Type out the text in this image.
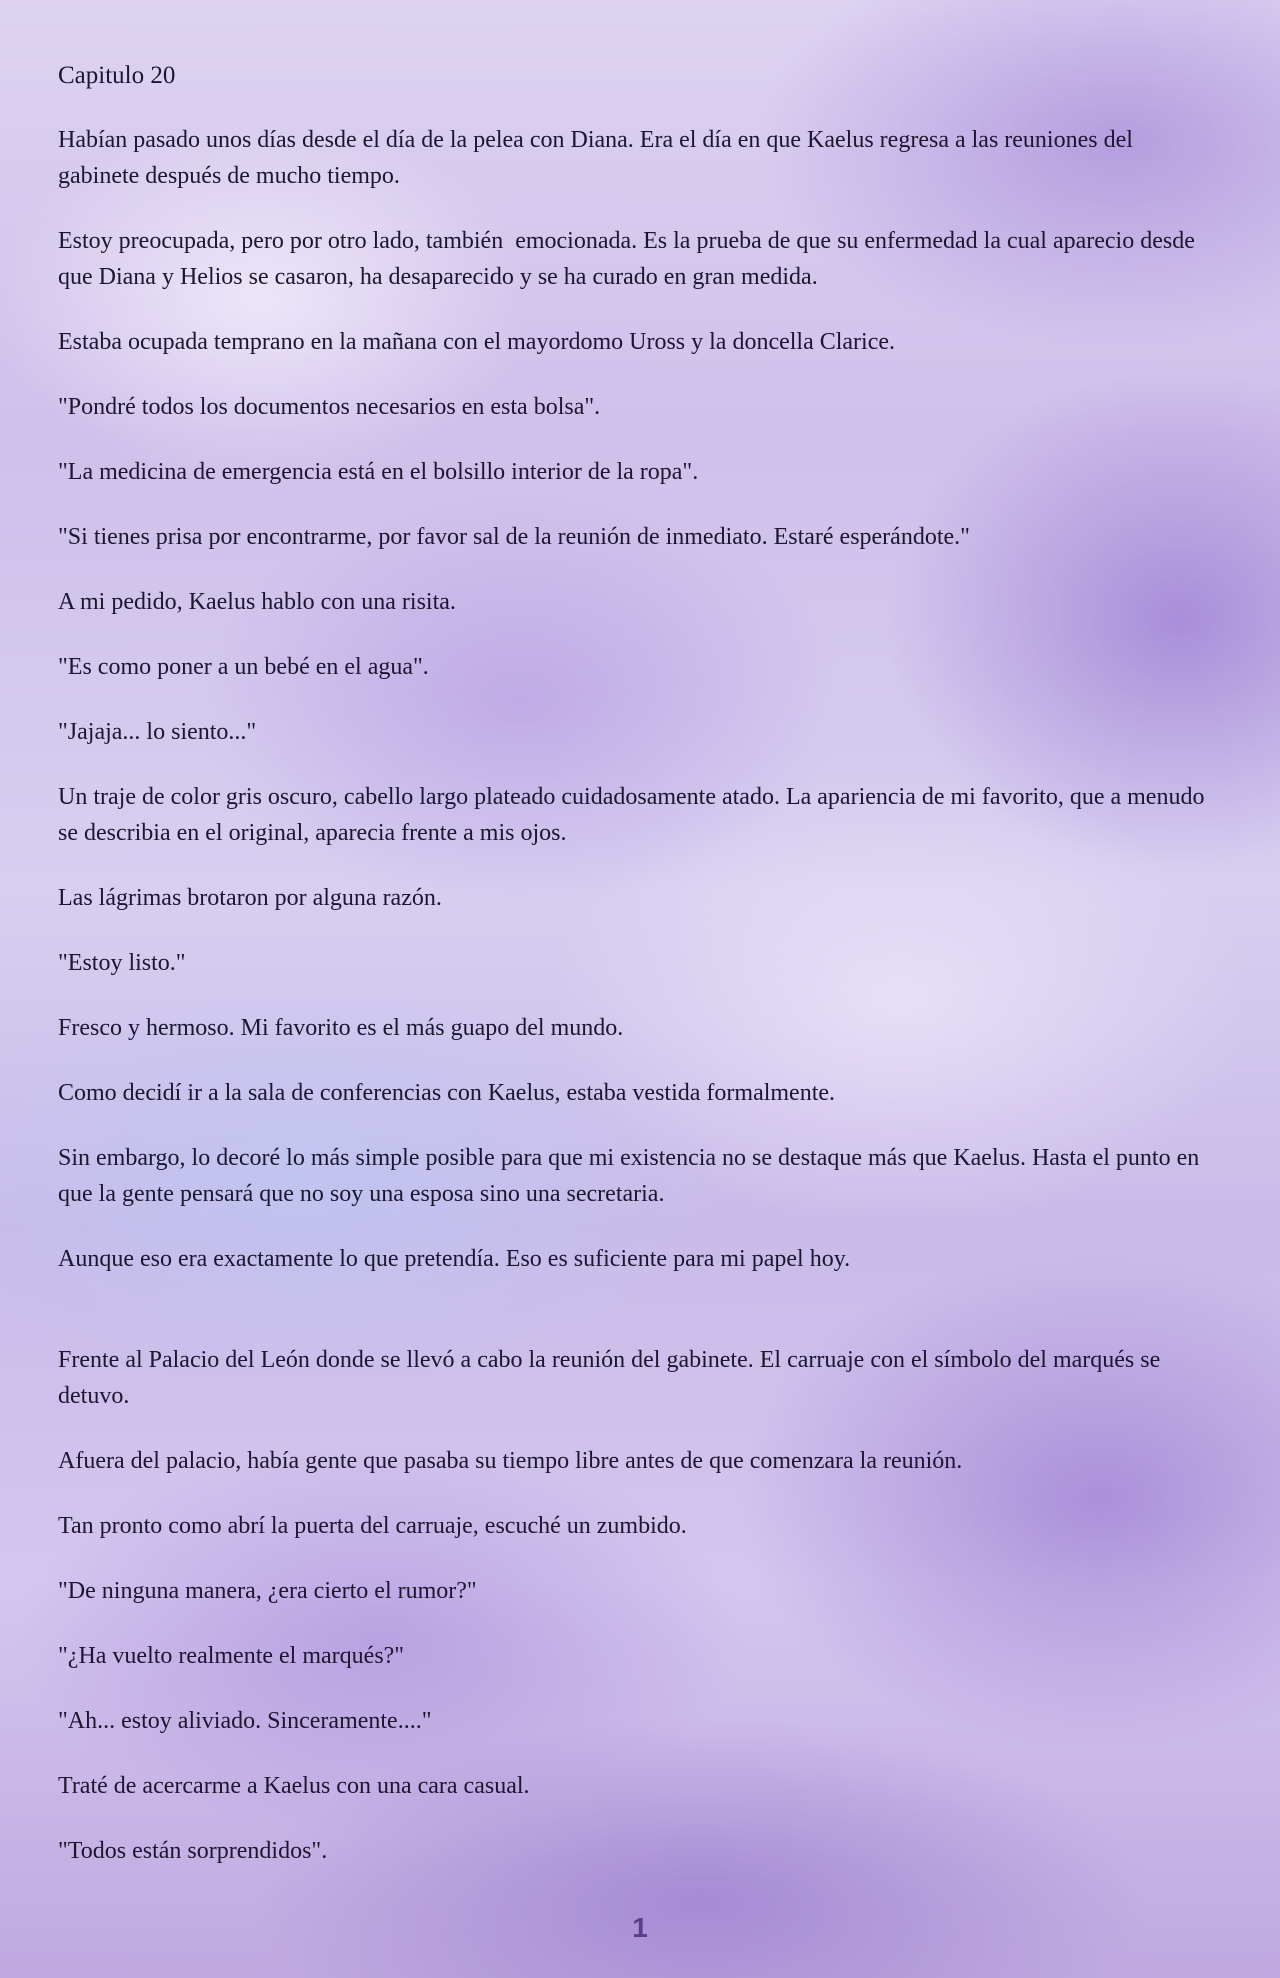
Capitulo 20

Habían pasado unos días desde el día de la pelea con Diana. Era el día en que Kaelus regresa a las reuniones del gabinete después de mucho tiempo.

Estoy preocupada, pero por otro lado, también  emocionada. Es la prueba de que su enfermedad la cual aparecio desde que Diana y Helios se casaron, ha desaparecido y se ha curado en gran medida.

Estaba ocupada temprano en la mañana con el mayordomo Uross y la doncella Clarice.

"Pondré todos los documentos necesarios en esta bolsa".

"La medicina de emergencia está en el bolsillo interior de la ropa".

"Si tienes prisa por encontrarme, por favor sal de la reunión de inmediato. Estaré esperándote."

A mi pedido, Kaelus hablo con una risita.

"Es como poner a un bebé en el agua".

"Jajaja... lo siento..."

Un traje de color gris oscuro, cabello largo plateado cuidadosamente atado. La apariencia de mi favorito, que a menudo se describia en el original, aparecia frente a mis ojos.

Las lágrimas brotaron por alguna razón.

"Estoy listo."

Fresco y hermoso. Mi favorito es el más guapo del mundo.

Como decidí ir a la sala de conferencias con Kaelus, estaba vestida formalmente.

Sin embargo, lo decoré lo más simple posible para que mi existencia no se destaque más que Kaelus. Hasta el punto en que la gente pensará que no soy una esposa sino una secretaria.

Aunque eso era exactamente lo que pretendía. Eso es suficiente para mi papel hoy.

Frente al Palacio del León donde se llevó a cabo la reunión del gabinete. El carruaje con el símbolo del marqués se detuvo.

Afuera del palacio, había gente que pasaba su tiempo libre antes de que comenzara la reunión.

Tan pronto como abrí la puerta del carruaje, escuché un zumbido.

"De ninguna manera, ¿era cierto el rumor?"

"¿Ha vuelto realmente el marqués?"

"Ah... estoy aliviado. Sinceramente...."

Traté de acercarme a Kaelus con una cara casual.

"Todos están sorprendidos".

1
